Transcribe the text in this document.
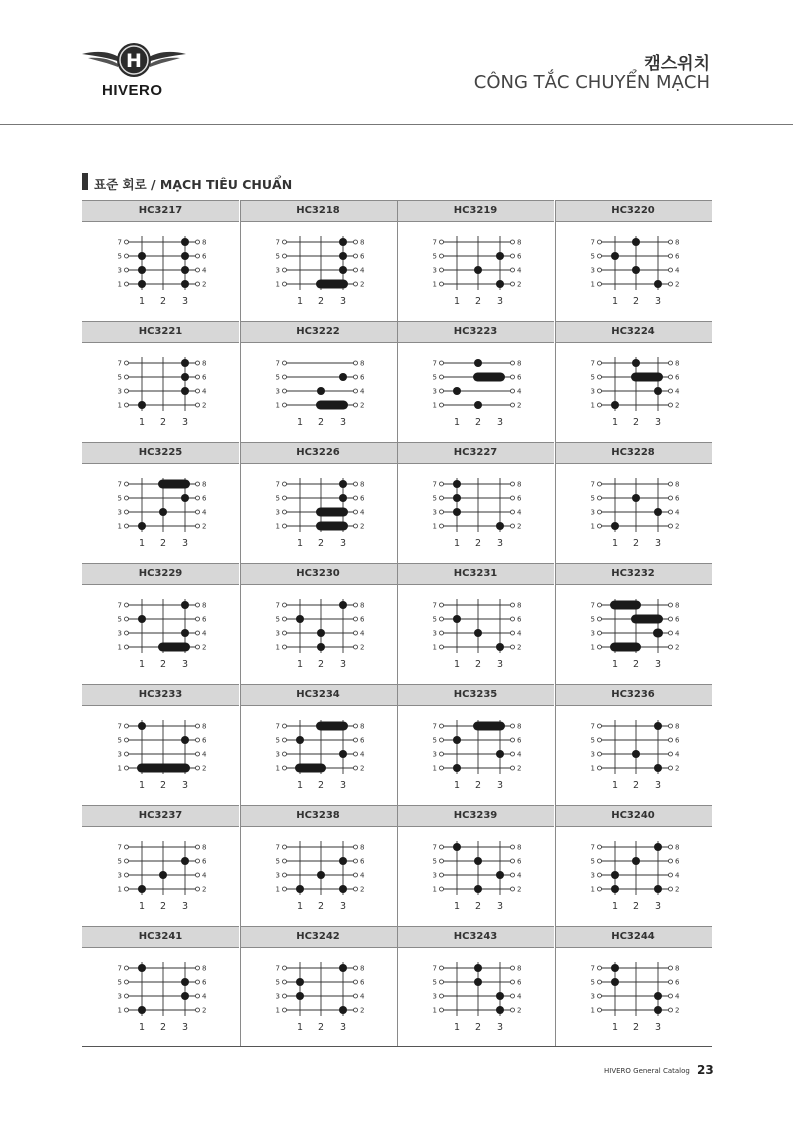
H
HIVERO
캠스위치
CÔNG TẮC CHUYỂN MẠCH
표준 회로 / MẠCH TIÊU CHUẨN
HC3217
7	8
5	6
3	4
1	2
1 2 3
HC3218
7	8
5	6
3	4
1	2
1 2 3
HC3219
7	8
5	6
3	4
1	2
1 2 3
HC3220
7	8
5	6
3	4
1	2
1 2 3
HC3221
7	8
5	6
3	4
1	2
1 2 3
HC3222
7	8
5	6
3	4
1	2
1 2 3
HC3223
7	8
5	6
3	4
1	2
1 2 3
HC3224
7	8
5	6
3	4
1	2
1 2 3
HC3225
7	8
5	6
3	4
1	2
1 2 3
HC3226
7	8
5	6
3	4
1	2
1 2 3
HC3227
7	8
5	6
3	4
1	2
1 2 3
HC3228
7	8
5	6
3	4
1	2
1 2 3
HC3229
7	8
5	6
3	4
1	2
1 2 3
HC3230
7	8
5	6
3	4
1	2
1 2 3
HC3231
7	8
5	6
3	4
1	2
1 2 3
HC3232
7	8
5	6
3	4
1	2
1 2 3
HC3233
7	8
5	6
3	4
1	2
1 2 3
HC3234
7	8
5	6
3	4
1	2
1 2 3
HC3235
7	8
5	6
3	4
1	2
1 2 3
HC3236
7	8
5	6
3	4
1	2
1 2 3
HC3237
7	8
5	6
3	4
1	2
1 2 3
HC3238
7	8
5	6
3	4
1	2
1 2 3
HC3239
7	8
5	6
3	4
1	2
1 2 3
HC3240
7	8
5	6
3	4
1	2
1 2 3
HC3241
7	8
5	6
3	4
1	2
1 2 3
HC3242
7	8
5	6
3	4
1	2
1 2 3
HC3243
7	8
5	6
3	4
1	2
1 2 3
HC3244
7	8
5	6
3	4
1	2
1 2 3
HIVERO General Catalog 23
